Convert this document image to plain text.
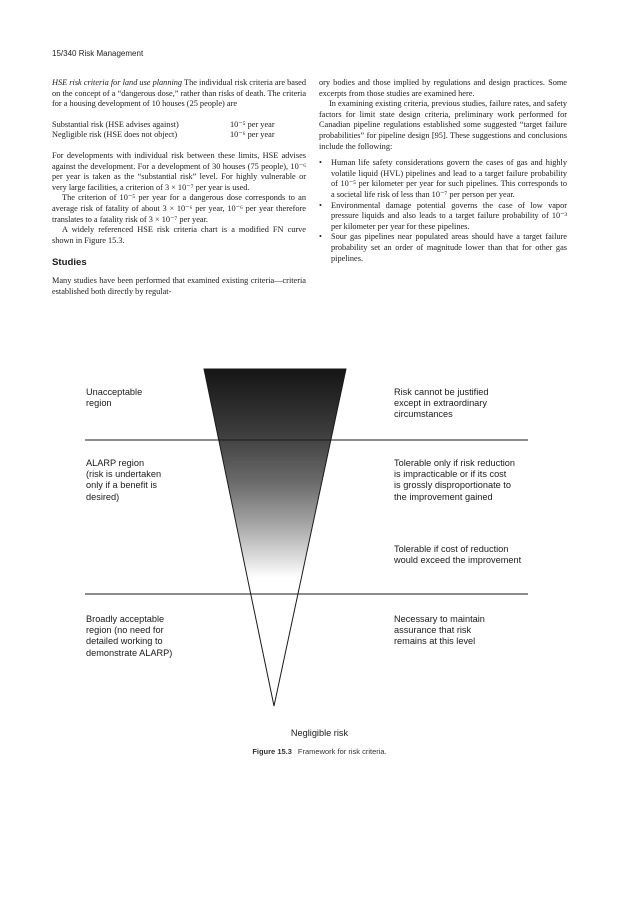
15/340 Risk Management

HSE risk criteria for land use planning The individual risk criteria are based on the concept of a “dangerous dose,” rather than risks of death. The criteria for a housing development of 10 houses (25 people) are

Substantial risk (HSE advises against)	10⁻⁵ per year
Negligible risk (HSE does not object)	10⁻⁶ per year

For developments with individual risk between these limits, HSE advises against the development. For a development of 30 houses (75 people), 10⁻⁶ per year is taken as the “substantial risk” level. For highly vulnerable or very large facilities, a criterion of 3 × 10⁻⁷ per year is used.

The criterion of 10⁻⁵ per year for a dangerous dose corresponds to an average risk of fatality of about 3 × 10⁻⁶ per year, 10⁻⁶ per year therefore translates to a fatality risk of 3 × 10⁻⁷ per year.

A widely referenced HSE risk criteria chart is a modified FN curve shown in Figure 15.3.

Studies

Many studies have been performed that examined existing criteria—criteria established both directly by regulat-

ory bodies and those implied by regulations and design practices. Some excerpts from those studies are examined here.

In examining existing criteria, previous studies, failure rates, and safety factors for limit state design criteria, preliminary work performed for Canadian pipeline regulations established some suggested “target failure probabilities” for pipeline design [95]. These suggestions and conclusions include the following:

• Human life safety considerations govern the cases of gas and highly volatile liquid (HVL) pipelines and lead to a target failure probability of 10⁻⁵ per kilometer per year for such pipelines. This corresponds to a societal life risk of less than 10⁻⁷ per person per year.
• Environmental damage potential governs the case of low vapor pressure liquids and also leads to a target failure probability of 10⁻³ per kilometer per year for these pipelines.
• Sour gas pipelines near populated areas should have a target failure probability set an order of magnitude lower than that for other gas pipelines.
Unacceptable
region
ALARP region
(risk is undertaken
only if a benefit is
desired)
Broadly acceptable
region (no need for
detailed working to
demonstrate ALARP)
Risk cannot be justified
except in extraordinary
circumstances
Tolerable only if risk reduction
is impracticable or if its cost
is grossly disproportionate to
the improvement gained
Tolerable if cost of reduction
would exceed the improvement
Necessary to maintain
assurance that risk
remains at this level
Negligible risk
Figure 15.3 Framework for risk criteria.
